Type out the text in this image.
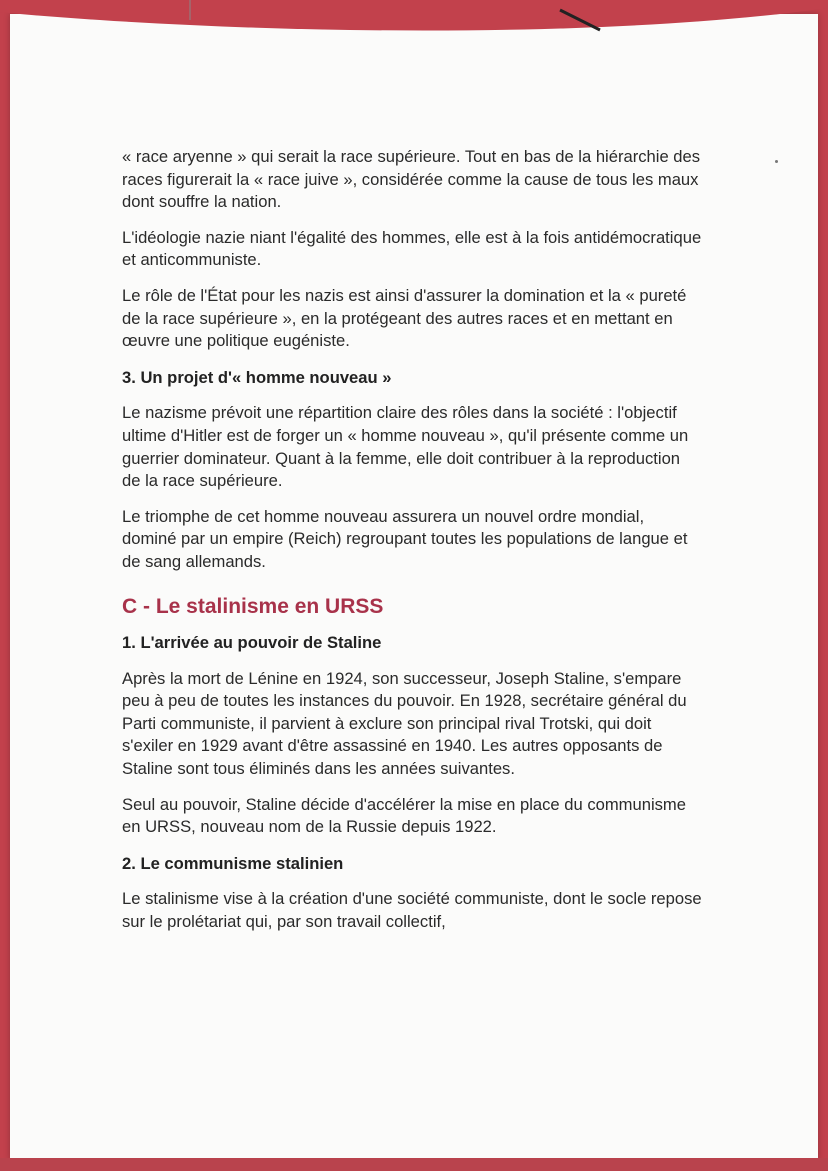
« race aryenne » qui serait la race supérieure. Tout en bas de la hiérarchie des races figurerait la « race juive », considérée comme la cause de tous les maux dont souffre la nation.

L'idéologie nazie niant l'égalité des hommes, elle est à la fois antidémocratique et anticommuniste.

Le rôle de l'État pour les nazis est ainsi d'assurer la domination et la « pureté de la race supérieure », en la protégeant des autres races et en mettant en œuvre une politique eugéniste.

3. Un projet d'« homme nouveau »

Le nazisme prévoit une répartition claire des rôles dans la société : l'objectif ultime d'Hitler est de forger un « homme nouveau », qu'il présente comme un guerrier dominateur. Quant à la femme, elle doit contribuer à la reproduction de la race supérieure.

Le triomphe de cet homme nouveau assurera un nouvel ordre mondial, dominé par un empire (Reich) regroupant toutes les populations de langue et de sang allemands.

C - Le stalinisme en URSS
1. L'arrivée au pouvoir de Staline

Après la mort de Lénine en 1924, son successeur, Joseph Staline, s'empare peu à peu de toutes les instances du pouvoir. En 1928, secrétaire général du Parti communiste, il parvient à exclure son principal rival Trotski, qui doit s'exiler en 1929 avant d'être assassiné en 1940. Les autres opposants de Staline sont tous éliminés dans les années suivantes.

Seul au pouvoir, Staline décide d'accélérer la mise en place du communisme en URSS, nouveau nom de la Russie depuis 1922.

2. Le communisme stalinien

Le stalinisme vise à la création d'une société communiste, dont le socle repose sur le prolétariat qui, par son travail collectif,
